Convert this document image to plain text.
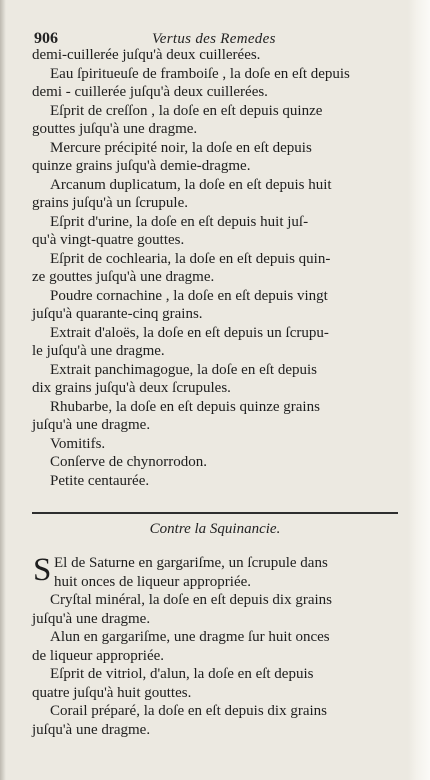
906	Vertus des Remedes
demi-cuillerée juſqu'à deux cuillerées.
Eau ſpiritueuſe de framboiſe , la doſe en eſt depuis
demi - cuillerée juſqu'à deux cuillerées.
Eſprit de creſſon , la doſe en eſt depuis quinze
gouttes juſqu'à une dragme.
Mercure précipité noir, la doſe en eſt depuis
quinze grains juſqu'à demie-dragme.
Arcanum duplicatum, la doſe en eſt depuis huit
grains juſqu'à un ſcrupule.
Eſprit d'urine, la doſe en eſt depuis huit juſ-
qu'à vingt-quatre gouttes.
Eſprit de cochlearia, la doſe en eſt depuis quin-
ze gouttes juſqu'à une dragme.
Poudre cornachine , la doſe en eſt depuis vingt
juſqu'à quarante-cinq grains.
Extrait d'aloës, la doſe en eſt depuis un ſcrupu-
le juſqu'à une dragme.
Extrait panchimagogue, la doſe en eſt depuis
dix grains juſqu'à deux ſcrupules.
Rhubarbe, la doſe en eſt depuis quinze grains
juſqu'à une dragme.
Vomitifs.
Conſerve de chynorrodon.
Petite centaurée.
Contre la Squinancie.
S El de Saturne en gargariſme, un ſcrupule dans
huit onces de liqueur appropriée.
Cryſtal minéral, la doſe en eſt depuis dix grains
juſqu'à une dragme.
Alun en gargariſme, une dragme ſur huit onces
de liqueur appropriée.
Eſprit de vitriol, d'alun, la doſe en eſt depuis
quatre juſqu'à huit gouttes.
Corail préparé, la doſe en eſt depuis dix grains
juſqu'à une dragme.
